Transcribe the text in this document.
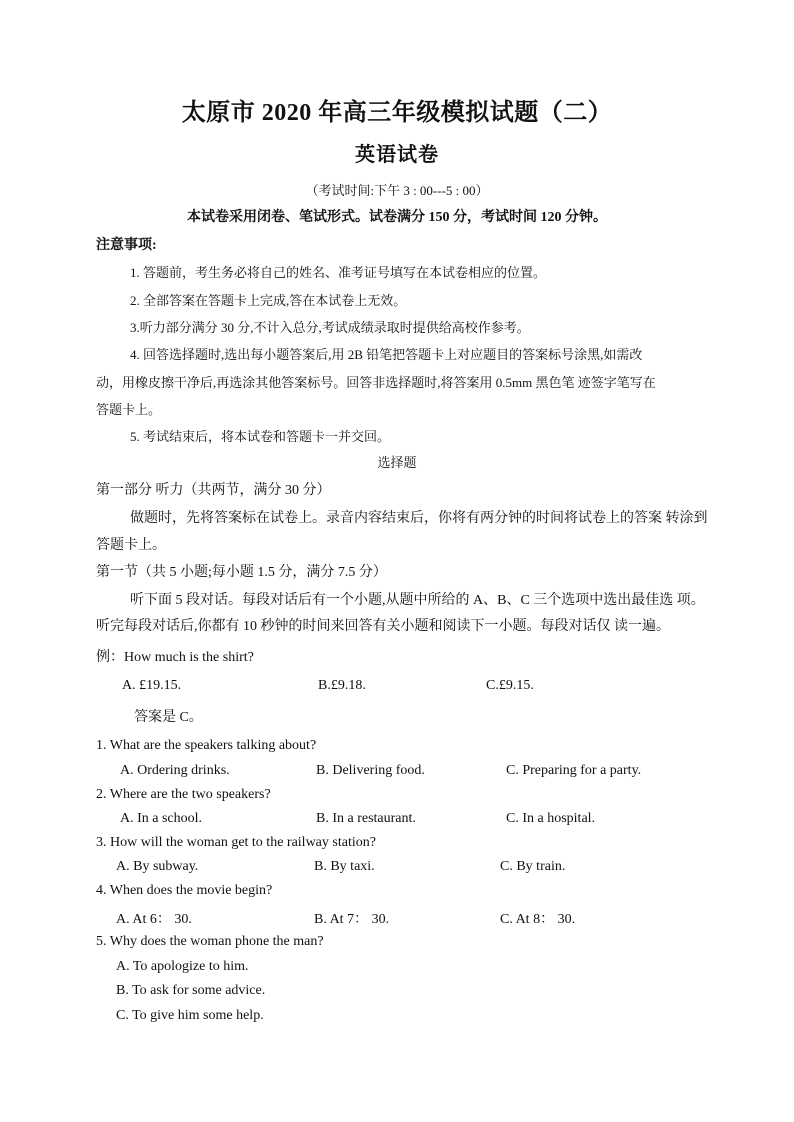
太原市 2020 年高三年级模拟试题（二）
英语试卷
（考试时间:下午 3 : 00---5 : 00）
本试卷采用闭卷、笔试形式。试卷满分 150 分，考试时间 120 分钟。
注意事项:
1. 答题前，考生务必将自己的姓名、准考证号填写在本试卷相应的位置。
2. 全部答案在答题卡上完成,答在本试卷上无效。
3.听力部分满分 30 分,不计入总分,考试成绩录取时提供给高校作参考。
4. 回答选择题时,选出每小题答案后,用 2B 铅笔把答题卡上对应题目的答案标号涂黑,如需改
动，用橡皮擦干净后,再选涂其他答案标号。回答非选择题时,将答案用 0.5mm 黑色笔 迹签字笔写在
答题卡上。
5. 考试结束后，将本试卷和答题卡一并交回。
选择题
第一部分 听力（共两节，满分 30 分）
做题时，先将答案标在试卷上。录音内容结束后，你将有两分钟的时间将试卷上的答案 转涂到
答题卡上。
第一节（共 5 小题;每小题 1.5 分，满分 7.5 分）
听下面 5 段对话。每段对话后有一个小题,从题中所给的 A、B、C 三个选项中选出最佳选 项。
听完每段对话后,你都有 10 秒钟的时间来回答有关小题和阅读下一小题。每段对话仅 读一遍。
例：How much is the shirt?
A. £19.15.	B.£9.18.	C.£9.15.
答案是 C。
1. What are the speakers talking about?
A. Ordering drinks.	B. Delivering food.	C. Preparing for a party.
2. Where are the two speakers?
A. In a school.	B. In a restaurant.	C. In a hospital.
3. How will the woman get to the railway station?
A. By subway.	B. By taxi.	C. By train.
4. When does the movie begin?
A. At 6： 30.	B. At 7： 30.	C. At 8： 30.
5. Why does the woman phone the man?
A. To apologize to him.
B. To ask for some advice.
C. To give him some help.
